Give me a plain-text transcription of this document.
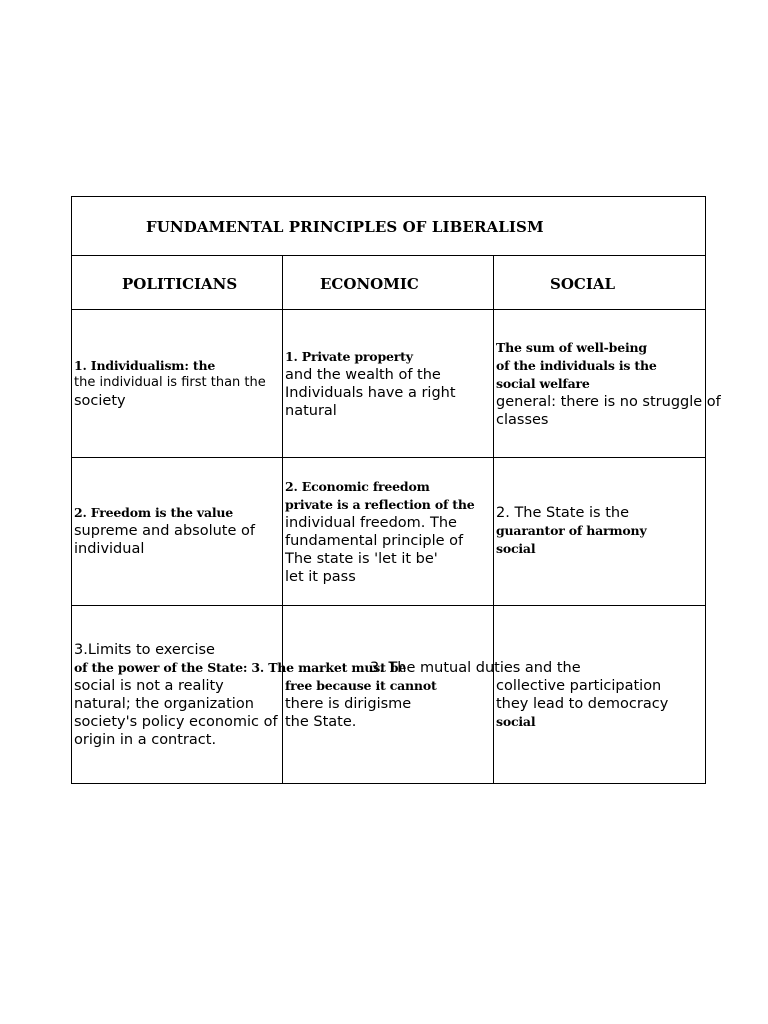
FUNDAMENTAL PRINCIPLES OF LIBERALISM
POLITICIANS	ECONOMIC	SOCIAL
1. Individualism: the
the individual is first than the
society
1. Private property
and the wealth of the
Individuals have a right
natural
The sum of well-being
of the individuals is the
social welfare
general: there is no struggle of
classes
2. Freedom is the value
supreme and absolute of
individual
2. Economic freedom
private is a reflection of the
individual freedom. The
fundamental principle of
The state is 'let it be'
let it pass
2. The State is the
guarantor of harmony
social
3.Limits to exercise
of the power of the State: 3. The market must be
social is not a reality
natural; the organization
society's policy economic of
origin in a contract.
free because it cannot
there is dirigisme
the State.
3. The mutual duties and the
collective participation
they lead to democracy
social
